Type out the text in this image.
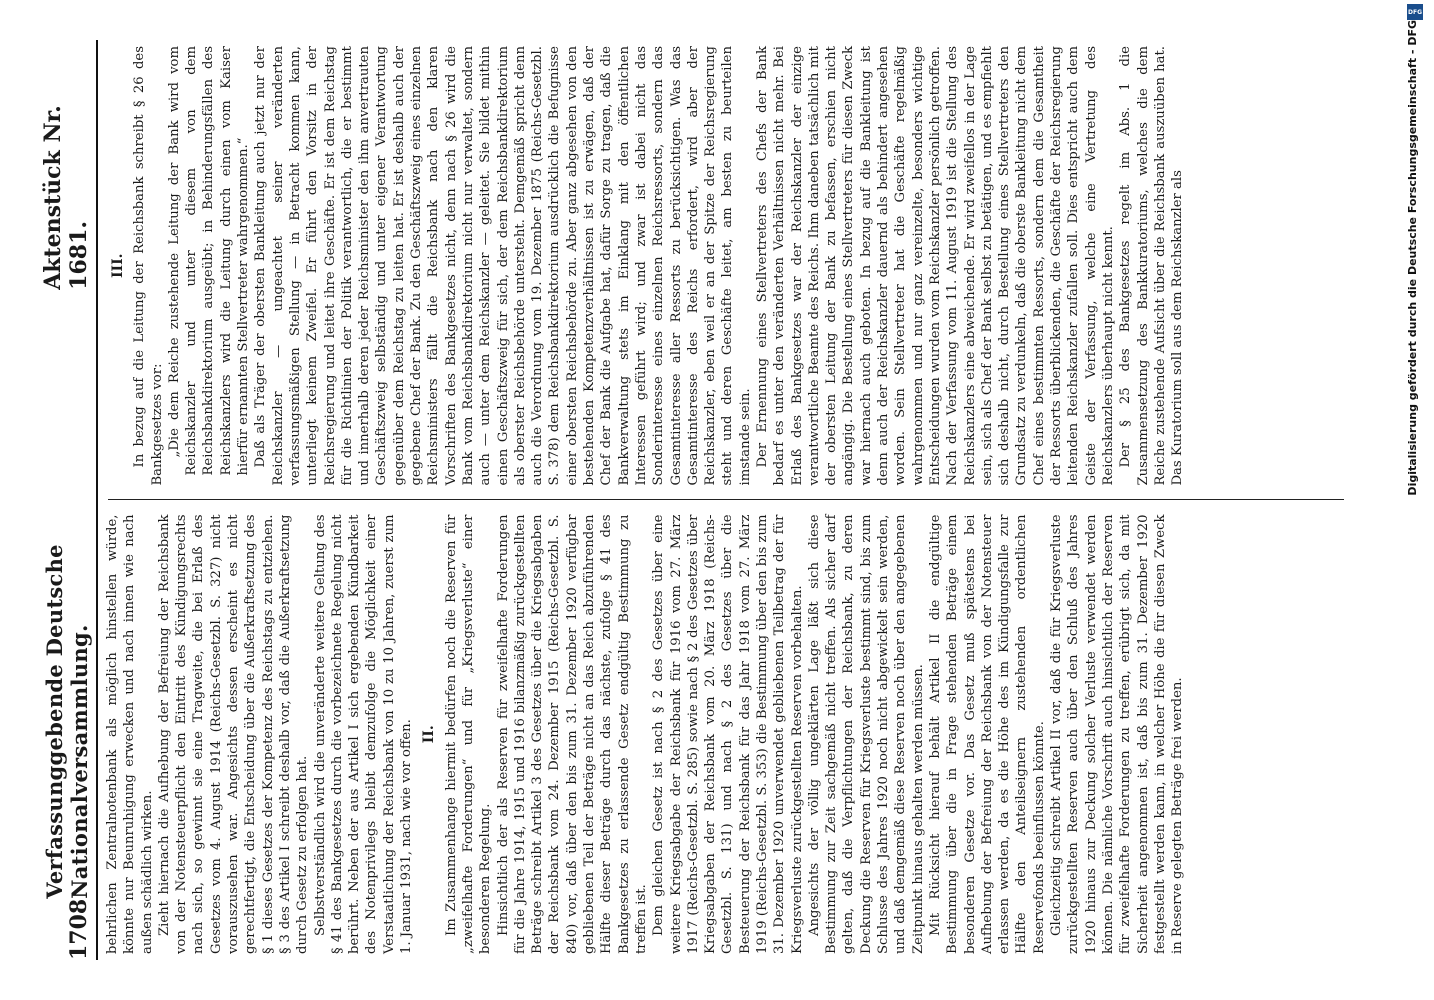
1708
Verfassunggebende Deutsche Nationalversammlung.
Aktenstück Nr. 1681.

behrlichen Zentralnotenbank als möglich hinstellen würde, könnte nur Beunruhigung erwecken und nach innen wie nach außen schädlich wirken. Zieht hiernach die Aufhebung der Befreiung der Reichsbank von der Notensteuerpflicht den Eintritt des Kündigungsrechts nach sich, so gewinnt sie eine Tragweite, die bei Erlaß des Gesetzes vom 4. August 1914 (Reichs-Gesetzbl. S. 327) nicht vorauszusehen war. Angesichts dessen erscheint es nicht gerechtfertigt, die Entscheidung über die Außerkraftsetzung des § 1 dieses Gesetzes der Kompetenz des Reichstags zu entziehen. § 3 des Artikel I schreibt deshalb vor, daß die Außerkraftsetzung durch Gesetz zu erfolgen hat. Selbstverständlich wird die unveränderte weitere Geltung des § 41 des Bankgesetzes durch die vorbezeichnete Regelung nicht berührt. Neben der aus Artikel I sich ergebenden Kündbarkeit des Notenprivilegs bleibt demzufolge die Möglichkeit einer Verstaatlichung der Reichsbank von 10 zu 10 Jahren, zuerst zum 1. Januar 1931, nach wie vor offen. II. Im Zusammenhange hiermit bedürfen noch die Reserven für „zweifelhafte Forderungen“ und für „Kriegsverluste“ einer besonderen Regelung. Hinsichtlich der als Reserven für zweifelhafte Forderungen für die Jahre 1914, 1915 und 1916 bilanzmäßig zurückgestellten Beträge schreibt Artikel 3 des Gesetzes über die Kriegsabgaben der Reichsbank vom 24. Dezember 1915 (Reichs-Gesetzbl. S. 840) vor, daß über den bis zum 31. Dezember 1920 verfügbar gebliebenen Teil der Beträge nicht an das Reich abzuführenden Hälfte dieser Beträge durch das nächste, zufolge § 41 des Bankgesetzes zu erlassende Gesetz endgültig Bestimmung zu treffen ist. Dem gleichen Gesetz ist nach § 2 des Gesetzes über eine weitere Kriegsabgabe der Reichsbank für 1916 vom 27. März 1917 (Reichs-Gesetzbl. S. 285) sowie nach § 2 des Gesetzes über Kriegsabgaben der Reichsbank vom 20. März 1918 (Reichs-Gesetzbl. S. 131) und nach § 2 des Gesetzes über die Besteuerung der Reichsbank für das Jahr 1918 vom 27. März 1919 (Reichs-Gesetzbl. S. 353) die Bestimmung über den bis zum 31. Dezember 1920 unverwendet gebliebenen Teilbetrag der für Kriegsverluste zurückgestellten Reserven vorbehalten. Angesichts der völlig ungeklärten Lage läßt sich diese Bestimmung zur Zeit sachgemäß nicht treffen. Als sicher darf gelten, daß die Verpflichtungen der Reichsbank, zu deren Deckung die Reserven für Kriegsverluste bestimmt sind, bis zum Schlusse des Jahres 1920 noch nicht abgewickelt sein werden, und daß demgemäß diese Reserven noch über den angegebenen Zeitpunkt hinaus gehalten werden müssen. Mit Rücksicht hierauf behält Artikel II die endgültige Bestimmung über die in Frage stehenden Beträge einem besonderen Gesetze vor. Das Gesetz muß spätestens bei Aufhebung der Befreiung der Reichsbank von der Notensteuer erlassen werden, da es die Höhe des im Kündigungsfalle zur Hälfte den Anteilseignern zustehenden ordentlichen Reservefonds beeinflussen könnte. Gleichzeitig schreibt Artikel II vor, daß die für Kriegsverluste zurückgestellten Reserven auch über den Schluß des Jahres 1920 hinaus zur Deckung solcher Verluste verwendet werden können. Die nämliche Vorschrift auch hinsichtlich der Reserven für zweifelhafte Forderungen zu treffen, erübrigt sich, da mit Sicherheit angenommen ist, daß bis zum 31. Dezember 1920 festgestellt werden kann, in welcher Höhe die für diesen Zweck in Reserve gelegten Beträge frei werden.

III. In bezug auf die Leitung der Reichsbank schreibt § 26 des Bankgesetzes vor: „Die dem Reiche zustehende Leitung der Bank wird vom Reichskanzler und unter diesem von dem Reichsbankdirektorium ausgeübt; in Behinderungsfällen des Reichskanzlers wird die Leitung durch einen vom Kaiser hierfür ernannten Stellvertreter wahrgenommen.“ Daß als Träger der obersten Bankleitung auch jetzt nur der Reichskanzler — ungeachtet seiner veränderten verfassungsmäßigen Stellung — in Betracht kommen kann, unterliegt keinem Zweifel. Er führt den Vorsitz in der Reichsregierung und leitet ihre Geschäfte. Er ist dem Reichstag für die Richtlinien der Politik verantwortlich, die er bestimmt und innerhalb deren jeder Reichsminister den ihm anvertrauten Geschäftszweig selbständig und unter eigener Verantwortung gegenüber dem Reichstag zu leiten hat. Er ist deshalb auch der gegebene Chef der Bank. Zu den Geschäftszweig eines einzelnen Reichsministers fällt die Reichsbank nach den klaren Vorschriften des Bankgesetzes nicht, denn nach § 26 wird die Bank vom Reichsbankdirektorium nicht nur verwaltet, sondern auch — unter dem Reichskanzler — geleitet. Sie bildet mithin einen Geschäftszweig für sich, der dem Reichsbankdirektorium als oberster Reichsbehörde untersteht. Demgemäß spricht denn auch die Verordnung vom 19. Dezember 1875 (Reichs-Gesetzbl. S. 378) dem Reichsbankdirektorium ausdrücklich die Befugnisse einer obersten Reichsbehörde zu. Aber ganz abgesehen von den bestehenden Kompetenzverhältnissen ist zu erwägen, daß der Chef der Bank die Aufgabe hat, dafür Sorge zu tragen, daß die Bankverwaltung stets im Einklang mit den öffentlichen Interessen geführt wird; und zwar ist dabei nicht das Sonderinteresse eines einzelnen Reichsressorts, sondern das Gesamtinteresse aller Ressorts zu berücksichtigen. Was das Gesamtinteresse des Reichs erfordert, wird aber der Reichskanzler, eben weil er an der Spitze der Reichsregierung steht und deren Geschäfte leitet, am besten zu beurteilen imstande sein. Der Ernennung eines Stellvertreters des Chefs der Bank bedarf es unter den veränderten Verhältnissen nicht mehr. Bei Erlaß des Bankgesetzes war der Reichskanzler der einzige verantwortliche Beamte des Reichs. Ihm daneben tatsächlich mit der obersten Leitung der Bank zu befassen, erschien nicht angängig. Die Bestellung eines Stellvertreters für diesen Zweck war hiernach auch geboten. In bezug auf die Bankleitung ist denn auch der Reichskanzler dauernd als behindert angesehen worden. Sein Stellvertreter hat die Geschäfte regelmäßig wahrgenommen und nur ganz vereinzelte, besonders wichtige Entscheidungen wurden vom Reichskanzler persönlich getroffen. Nach der Verfassung vom 11. August 1919 ist die Stellung des Reichskanzlers eine abweichende. Er wird zweifellos in der Lage sein, sich als Chef der Bank selbst zu betätigen, und es empfiehlt sich deshalb nicht, durch Bestellung eines Stellvertreters den Grundsatz zu verdunkeln, daß die oberste Bankleitung nicht dem Chef eines bestimmten Ressorts, sondern dem die Gesamtheit der Ressorts überblickenden, die Geschäfte der Reichsregierung leitenden Reichskanzler zufallen soll. Dies entspricht auch dem Geiste der Verfassung, welche eine Vertretung des Reichskanzlers überhaupt nicht kennt. Der § 25 des Bankgesetzes regelt im Abs. 1 die Zusammensetzung des Bankkuratoriums, welches die dem Reiche zustehende Aufsicht über die Reichsbank auszuüben hat. Das Kuratorium soll aus dem Reichskanzler als

DFG
Digitalisierung gefördert durch die Deutsche Forschungsgemeinschaft - DFG
